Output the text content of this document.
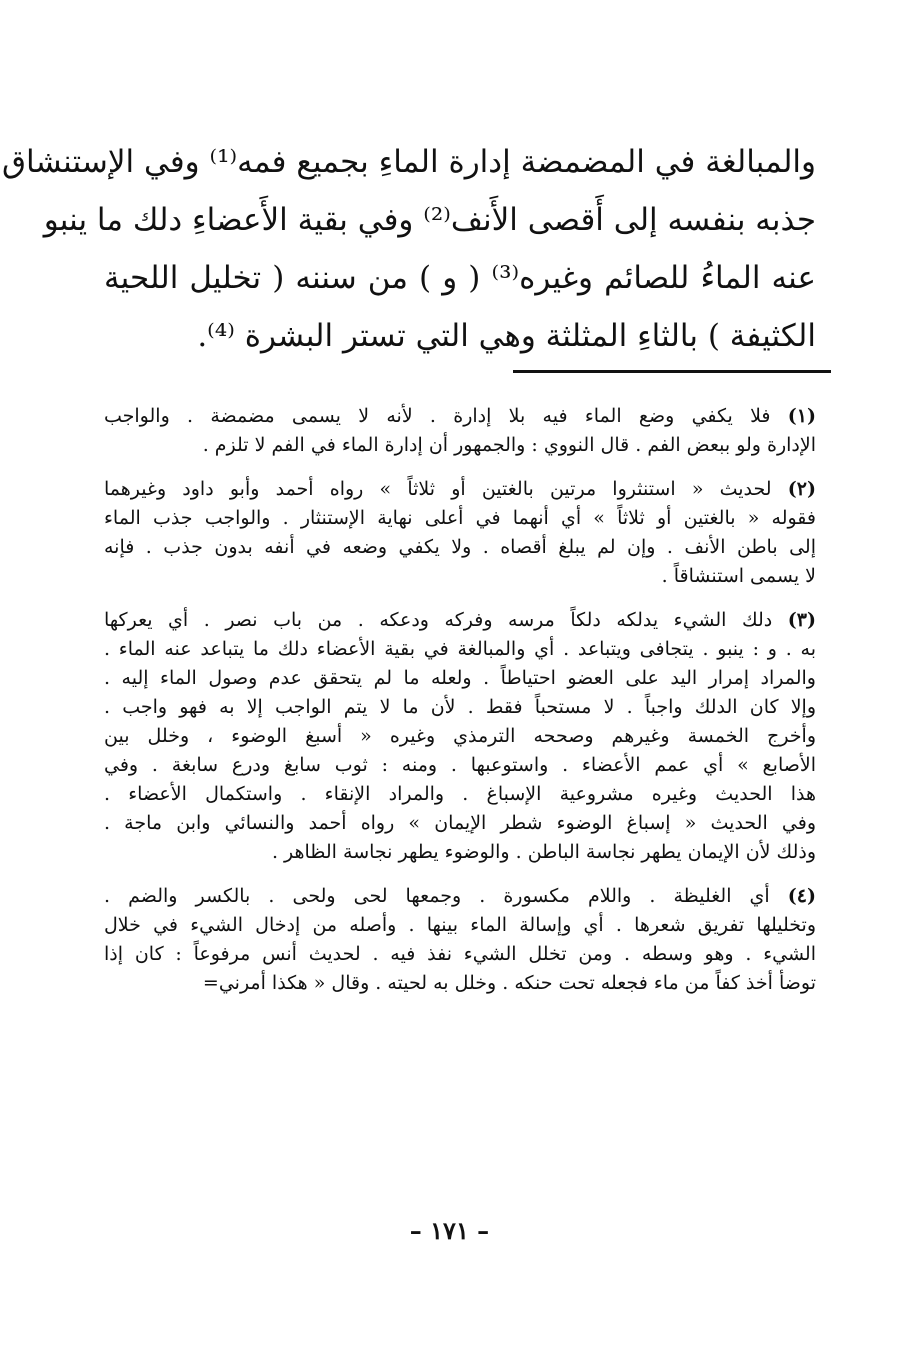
والمبالغة في المضمضة إدارة الماءِ بجميع فمه⁽¹⁾ وفي الإستنشاق
جذبه بنفسه إلى أَقصى الأَنف⁽²⁾ وفي بقية الأَعضاءِ دلك ما ينبو
عنه الماءُ للصائم وغيره⁽³⁾ ( و ) من سننه ( تخليل اللحية
الكثيفة ) بالثاءِ المثلثة وهي التي تستر البشرة ⁽⁴⁾.

(١) فلا يكفي وضع الماء فيه بلا إدارة . لأنه لا يسمى مضمضة . والواجب
الإدارة ولو ببعض الفم . قال النووي : والجمهور أن إدارة الماء في الفم لا تلزم .
(٢) لحديث « استنثروا مرتين بالغتين أو ثلاثاً » رواه أحمد وأبو داود وغيرهما
فقوله « بالغتين أو ثلاثاً » أي أنهما في أعلى نهاية الإستنثار . والواجب جذب الماء
إلى باطن الأنف . وإن لم يبلغ أقصاه . ولا يكفي وضعه في أنفه بدون جذب . فإنه
لا يسمى استنشاقاً .
(٣) دلك الشيء يدلكه دلكاً مرسه وفركه ودعكه . من باب نصر . أي يعركها
به . و : ينبو . يتجافى ويتباعد . أي والمبالغة في بقية الأعضاء دلك ما يتباعد عنه الماء .
والمراد إمرار اليد على العضو احتياطاً . ولعله ما لم يتحقق عدم وصول الماء إليه .
وإلا كان الدلك واجباً . لا مستحباً فقط . لأن ما لا يتم الواجب إلا به فهو واجب .
وأخرج الخمسة وغيرهم وصححه الترمذي وغيره « أسبغ الوضوء ، وخلل بين
الأصابع » أي عمم الأعضاء . واستوعبها . ومنه : ثوب سابغ ودرع سابغة . وفي
هذا الحديث وغيره مشروعية الإسباغ . والمراد الإنقاء . واستكمال الأعضاء .
وفي الحديث « إسباغ الوضوء شطر الإيمان » رواه أحمد والنسائي وابن ماجة .
وذلك لأن الإيمان يطهر نجاسة الباطن . والوضوء يطهر نجاسة الظاهر .
(٤) أي الغليظة . واللام مكسورة . وجمعها لحى ولحى . بالكسر والضم .
وتخليلها تفريق شعرها . أي وإسالة الماء بينها . وأصله من إدخال الشيء في خلال
الشيء . وهو وسطه . ومن تخلل الشيء نفذ فيه . لحديث أنس مرفوعاً : كان إذا
توضأ أخذ كفاً من ماء فجعله تحت حنكه . وخلل به لحيته . وقال « هكذا أمرني=
– ١٧١ –
